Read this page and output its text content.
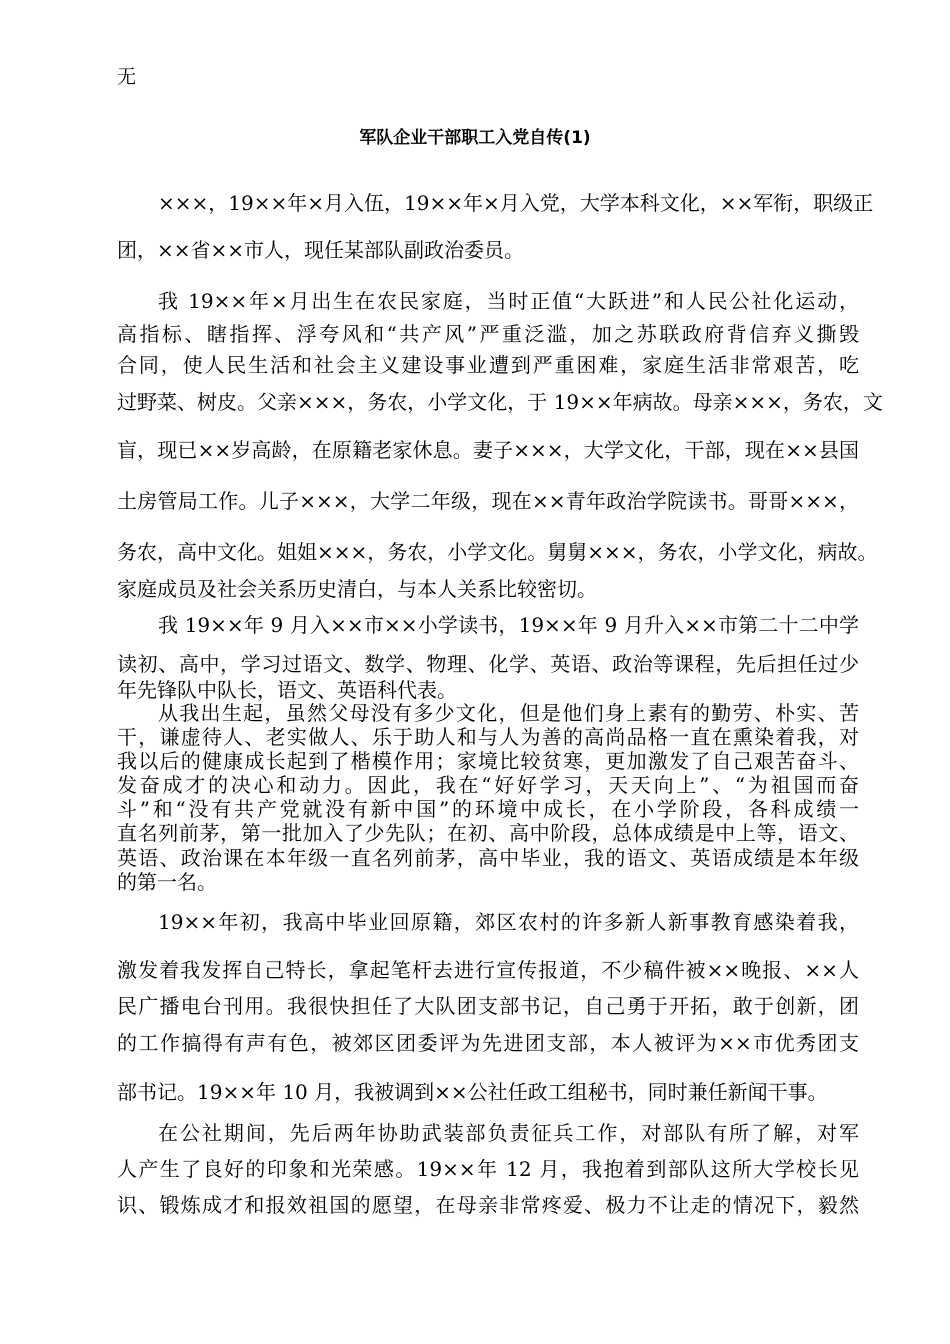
无
军队企业干部职工入党自传(1)
×××，19××年×月入伍，19××年×月入党，大学本科文化，××军衔，职级正
团，××省××市人，现任某部队副政治委员。
我 19××年×月出生在农民家庭，当时正值“大跃进”和人民公社化运动，
高指标、瞎指挥、浮夸风和“共产风”严重泛滥，加之苏联政府背信弃义撕毁
合同，使人民生活和社会主义建设事业遭到严重困难，家庭生活非常艰苦，吃
过野菜、树皮。父亲×××，务农，小学文化，于 19××年病故。母亲×××，务农，文
盲，现已××岁高龄，在原籍老家休息。妻子×××，大学文化，干部，现在××县国
土房管局工作。儿子×××，大学二年级，现在××青年政治学院读书。哥哥×××，
务农，高中文化。姐姐×××，务农，小学文化。舅舅×××，务农，小学文化，病故。
家庭成员及社会关系历史清白，与本人关系比较密切。
我 19××年 9 月入××市××小学读书，19××年 9 月升入××市第二十二中学
读初、高中，学习过语文、数学、物理、化学、英语、政治等课程，先后担任过少
年先锋队中队长，语文、英语科代表。
从我出生起，虽然父母没有多少文化，但是他们身上素有的勤劳、朴实、苦
干，谦虚待人、老实做人、乐于助人和与人为善的高尚品格一直在熏染着我，对
我以后的健康成长起到了楷模作用；家境比较贫寒，更加激发了自己艰苦奋斗、
发奋成才的决心和动力。因此，我在“好好学习，天天向上”、“为祖国而奋
斗”和“没有共产党就没有新中国”的环境中成长，在小学阶段，各科成绩一
直名列前茅，第一批加入了少先队；在初、高中阶段，总体成绩是中上等，语文、
英语、政治课在本年级一直名列前茅，高中毕业，我的语文、英语成绩是本年级
的第一名。
19××年初，我高中毕业回原籍，郊区农村的许多新人新事教育感染着我，
激发着我发挥自己特长，拿起笔杆去进行宣传报道，不少稿件被××晚报、××人
民广播电台刊用。我很快担任了大队团支部书记，自己勇于开拓，敢于创新，团
的工作搞得有声有色，被郊区团委评为先进团支部，本人被评为××市优秀团支
部书记。19××年 10 月，我被调到××公社任政工组秘书，同时兼任新闻干事。
在公社期间，先后两年协助武装部负责征兵工作，对部队有所了解，对军
人产生了良好的印象和光荣感。19××年 12 月，我抱着到部队这所大学校长见
识、锻炼成才和报效祖国的愿望，在母亲非常疼爱、极力不让走的情况下，毅然
